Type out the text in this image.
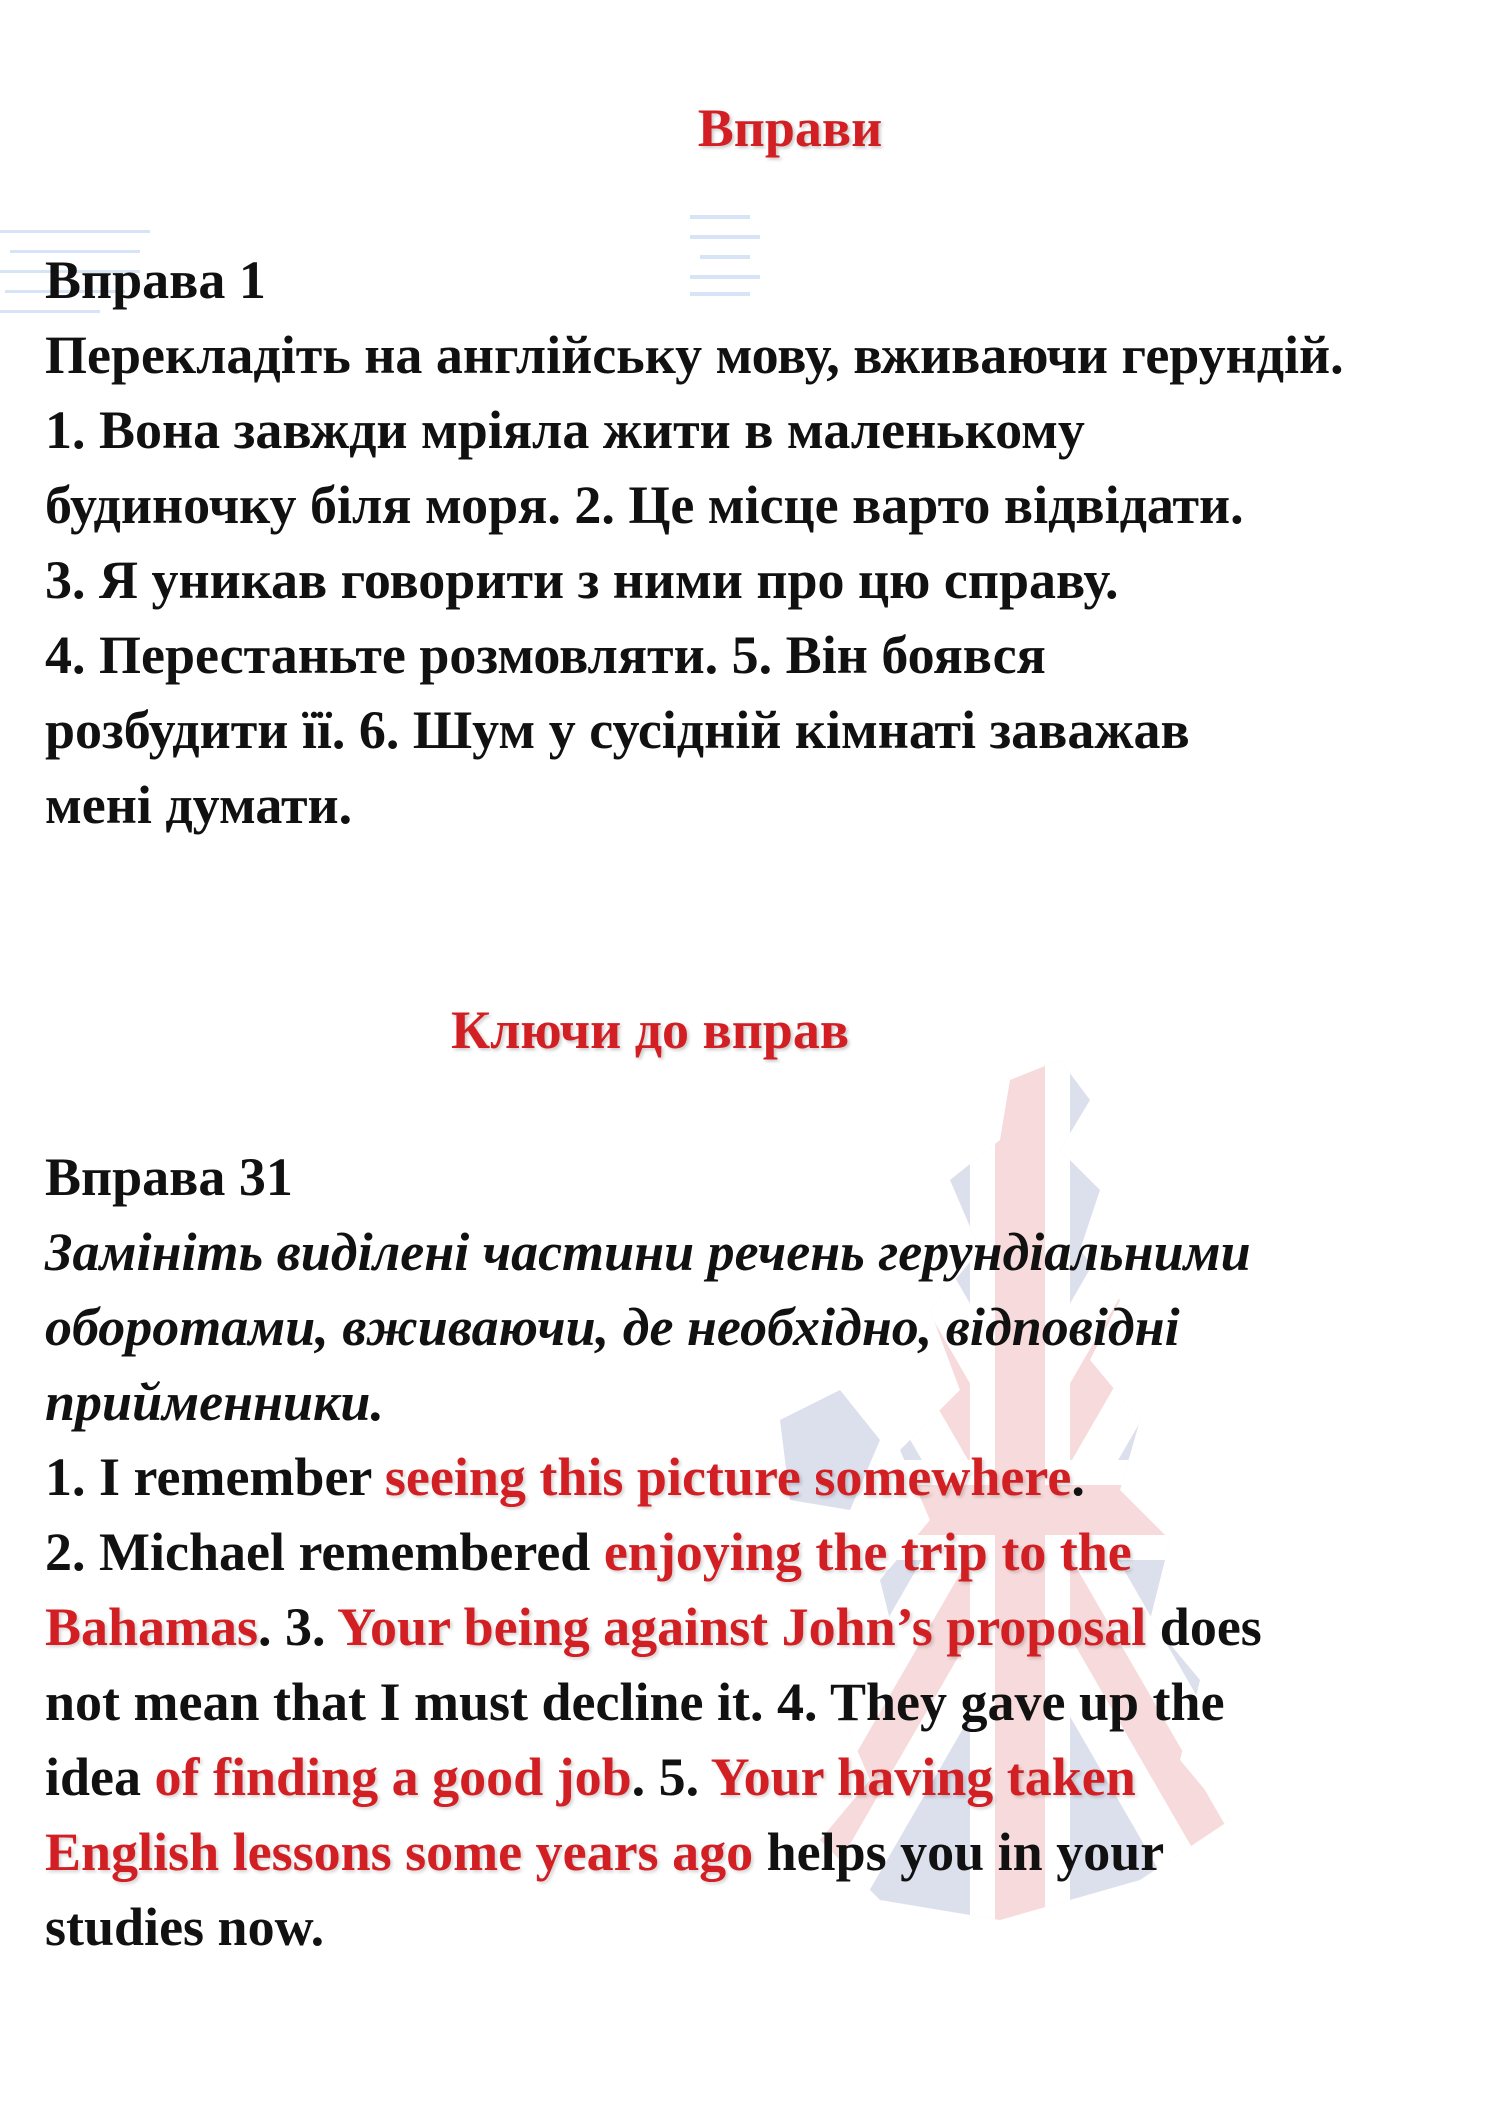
Вправи

Вправа 1

Перекладіть на англійську мову, вживаючи герундій.

1. Вона завжди мріяла жити в маленькому

будиночку біля моря. 2. Це місце варто відвідати.

3. Я уникав говорити з ними про цю справу.

4. Перестаньте розмовляти. 5. Він боявся

розбудити її. 6. Шум у сусідній кімнаті заважав

мені думати.

Ключи до вправ

Вправа 31

Замініть виділені частини речень герундіальними

оборотами, вживаючи, де необхідно, відповідні

прийменники.

1. I remember seeing this picture somewhere.

2. Michael remembered enjoying the trip to the

Bahamas. 3. Your being against John’s proposal does

not mean that I must decline it. 4. They gave up the

idea of finding a good job. 5. Your having taken

English lessons some years ago helps you in your

studies now.
